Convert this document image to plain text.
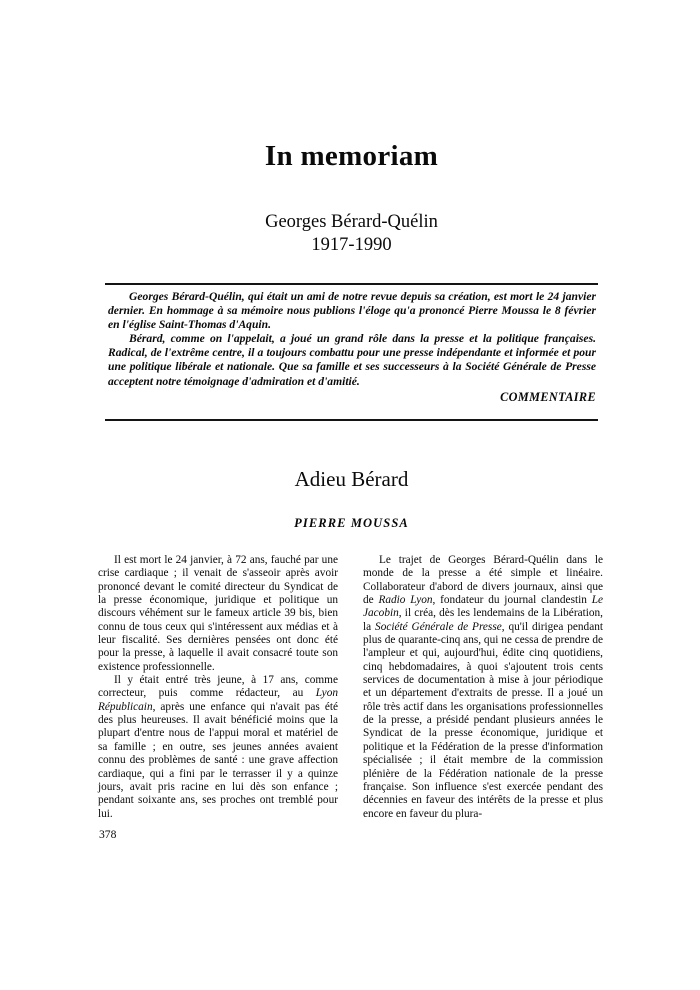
In memoriam

Georges Bérard-Quélin

1917-1990

Georges Bérard-Quélin, qui était un ami de notre revue depuis sa création, est mort le 24 janvier dernier. En hommage à sa mémoire nous publions l'éloge qu'a prononcé Pierre Moussa le 8 février en l'église Saint-Thomas d'Aquin.

Bérard, comme on l'appelait, a joué un grand rôle dans la presse et la politique françaises. Radical, de l'extrême centre, il a toujours combattu pour une presse indépendante et informée et pour une politique libérale et nationale. Que sa famille et ses successeurs à la Société Générale de Presse acceptent notre témoignage d'admiration et d'amitié.
COMMENTAIRE

Adieu Bérard

PIERRE MOUSSA

Il est mort le 24 janvier, à 72 ans, fauché par une crise cardiaque ; il venait de s'asseoir après avoir prononcé devant le comité directeur du Syndicat de la presse économique, juridique et politique un discours véhément sur le fameux article 39 bis, bien connu de tous ceux qui s'intéressent aux médias et à leur fiscalité. Ses dernières pensées ont donc été pour la presse, à laquelle il avait consacré toute son existence professionnelle.

Il y était entré très jeune, à 17 ans, comme correcteur, puis comme rédacteur, au Lyon Républicain, après une enfance qui n'avait pas été des plus heureuses. Il avait bénéficié moins que la plupart d'entre nous de l'appui moral et matériel de sa famille ; en outre, ses jeunes années avaient connu des problèmes de santé : une grave affection cardiaque, qui a fini par le terrasser il y a quinze jours, avait pris racine en lui dès son enfance ; pendant soixante ans, ses proches ont tremblé pour lui.

Le trajet de Georges Bérard-Quélin dans le monde de la presse a été simple et linéaire. Collaborateur d'abord de divers journaux, ainsi que de Radio Lyon, fondateur du journal clandestin Le Jacobin, il créa, dès les lendemains de la Libération, la Société Générale de Presse, qu'il dirigea pendant plus de quarante-cinq ans, qui ne cessa de prendre de l'ampleur et qui, aujourd'hui, édite cinq quotidiens, cinq hebdomadaires, à quoi s'ajoutent trois cents services de documentation à mise à jour périodique et un département d'extraits de presse. Il a joué un rôle très actif dans les organisations professionnelles de la presse, a présidé pendant plusieurs années le Syndicat de la presse économique, juridique et politique et la Fédération de la presse d'information spécialisée ; il était membre de la commission plénière de la Fédération nationale de la presse française. Son influence s'est exercée pendant des décennies en faveur des intérêts de la presse et plus encore en faveur du plura-

378
